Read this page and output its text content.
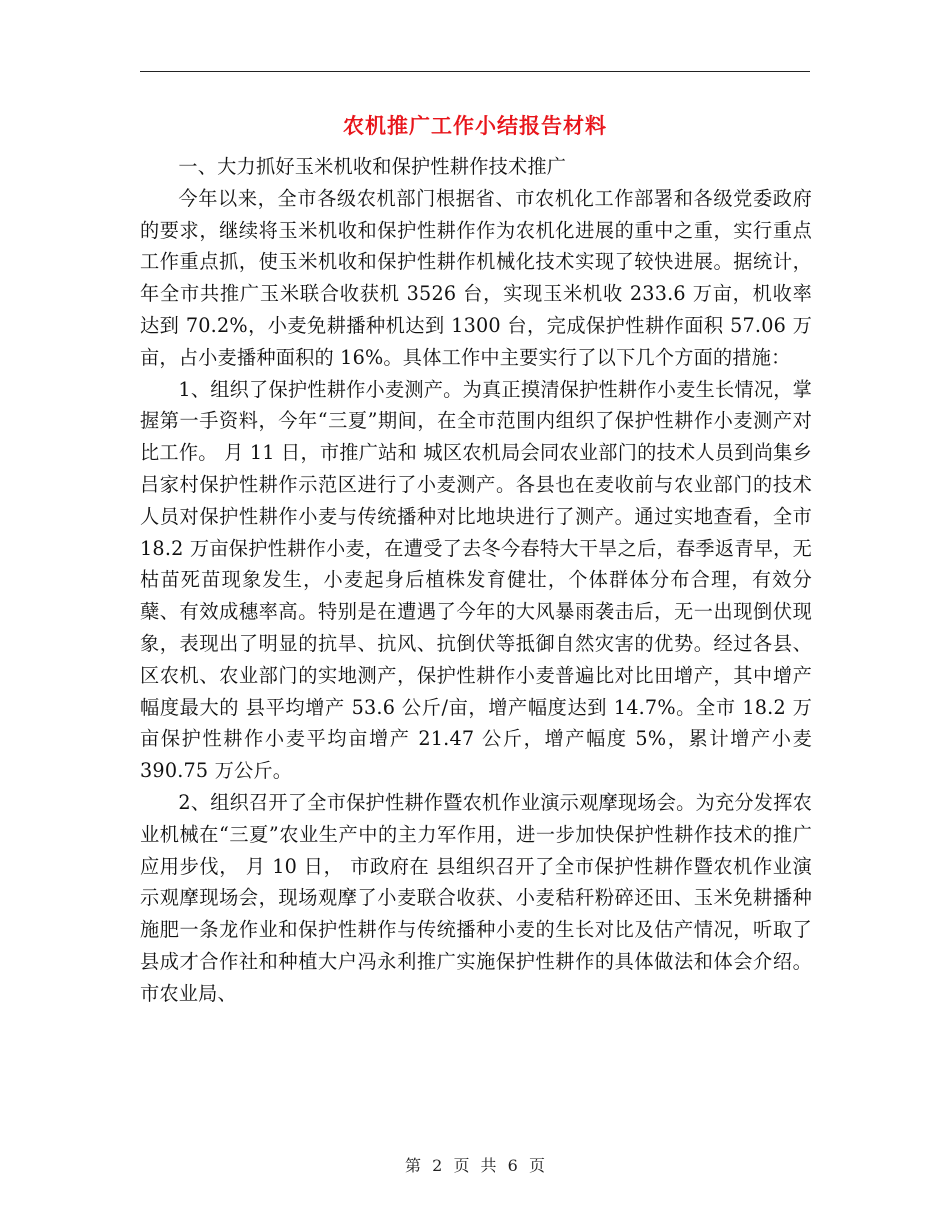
农机推广工作小结报告材料

一、大力抓好玉米机收和保护性耕作技术推广

今年以来，全市各级农机部门根据省、市农机化工作部署和各级党委政府的要求，继续将玉米机收和保护性耕作作为农机化进展的重中之重，实行重点工作重点抓，使玉米机收和保护性耕作机械化技术实现了较快进展。据统计， 年全市共推广玉米联合收获机 3526 台，实现玉米机收 233.6 万亩，机收率达到 70.2%，小麦免耕播种机达到 1300 台，完成保护性耕作面积 57.06 万亩，占小麦播种面积的 16%。具体工作中主要实行了以下几个方面的措施：

1、组织了保护性耕作小麦测产。为真正摸清保护性耕作小麦生长情况，掌握第一手资料，今年“三夏”期间，在全市范围内组织了保护性耕作小麦测产对比工作。 月 11 日，市推广站和 城区农机局会同农业部门的技术人员到尚集乡吕家村保护性耕作示范区进行了小麦测产。各县也在麦收前与农业部门的技术人员对保护性耕作小麦与传统播种对比地块进行了测产。通过实地查看，全市 18.2 万亩保护性耕作小麦，在遭受了去冬今春特大干旱之后，春季返青早，无枯苗死苗现象发生，小麦起身后植株发育健壮，个体群体分布合理，有效分蘖、有效成穗率高。特别是在遭遇了今年的大风暴雨袭击后，无一出现倒伏现象，表现出了明显的抗旱、抗风、抗倒伏等抵御自然灾害的优势。经过各县、区农机、农业部门的实地测产，保护性耕作小麦普遍比对比田增产，其中增产幅度最大的 县平均增产 53.6 公斤/亩，增产幅度达到 14.7%。全市 18.2 万亩保护性耕作小麦平均亩增产 21.47 公斤，增产幅度 5%，累计增产小麦 390.75 万公斤。

2、组织召开了全市保护性耕作暨农机作业演示观摩现场会。为充分发挥农业机械在“三夏”农业生产中的主力军作用，进一步加快保护性耕作技术的推广应用步伐， 月 10 日， 市政府在 县组织召开了全市保护性耕作暨农机作业演示观摩现场会，现场观摩了小麦联合收获、小麦秸秆粉碎还田、玉米免耕播种施肥一条龙作业和保护性耕作与传统播种小麦的生长对比及估产情况，听取了 县成才合作社和种植大户冯永利推广实施保护性耕作的具体做法和体会介绍。市农业局、

第 2 页 共 6 页
